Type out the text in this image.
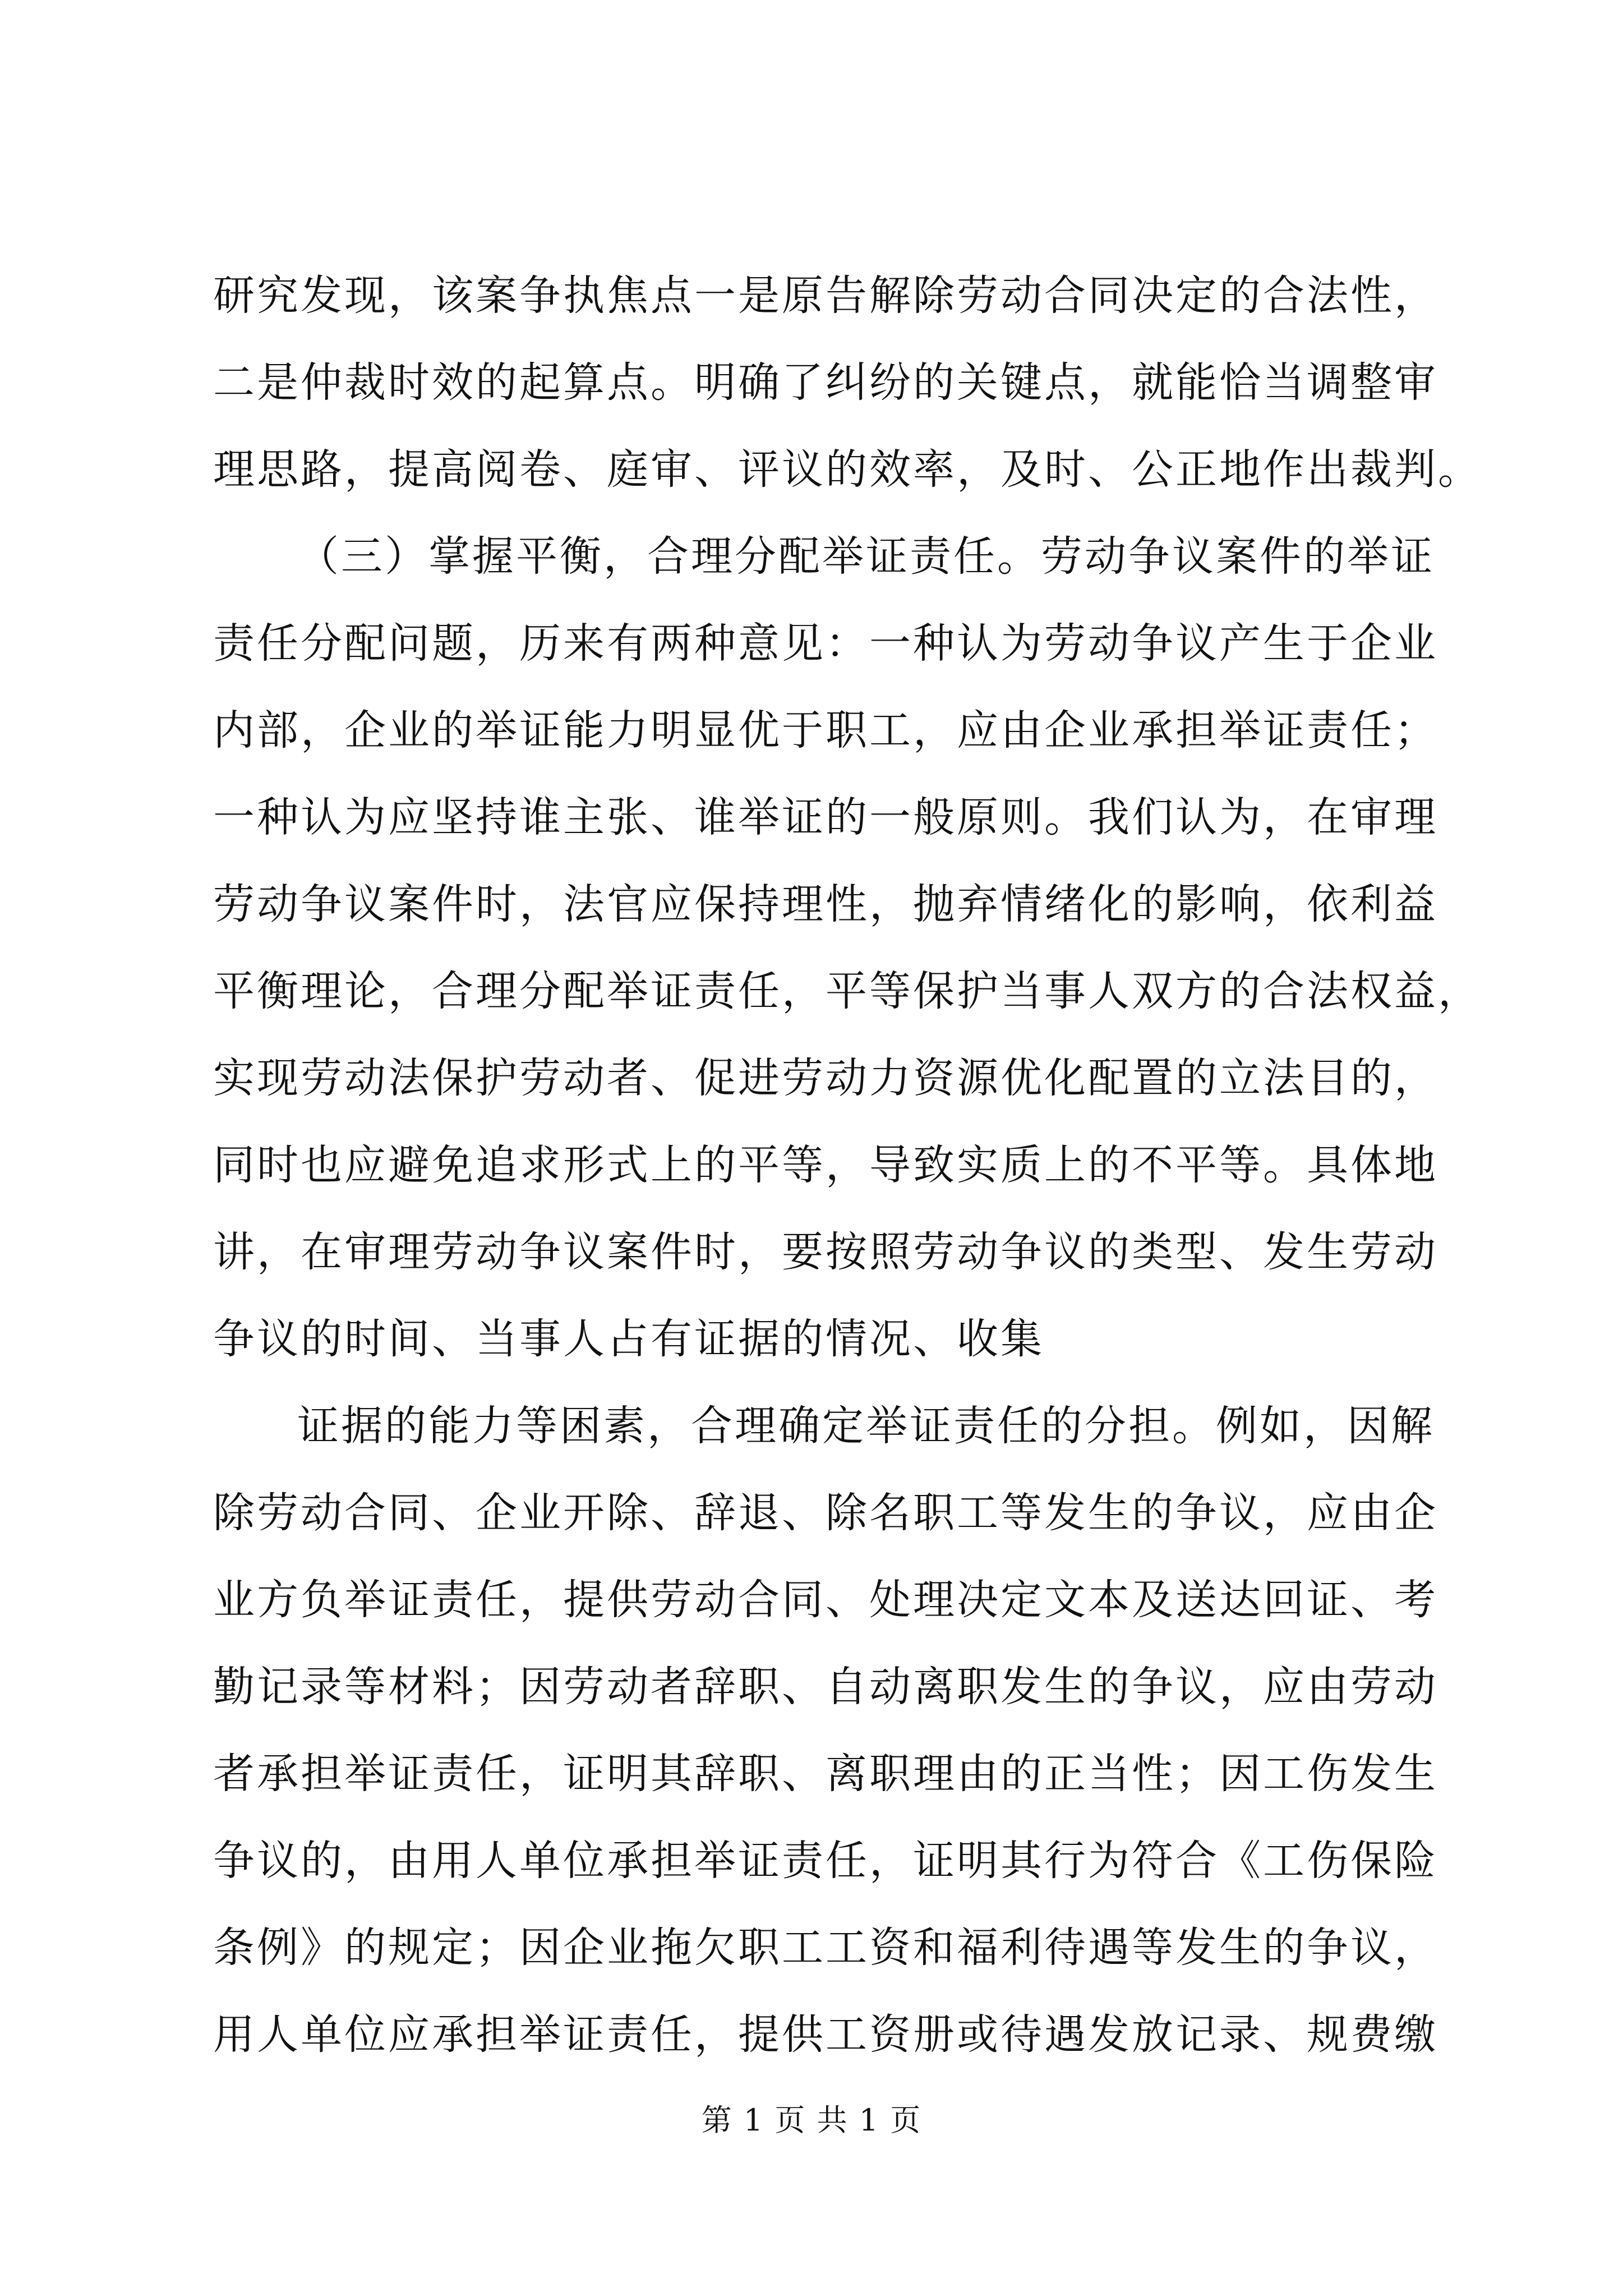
研究发现，该案争执焦点一是原告解除劳动合同决定的合法性，
二是仲裁时效的起算点。明确了纠纷的关键点，就能恰当调整审
理思路，提高阅卷、庭审、评议的效率，及时、公正地作出裁判。
（三）掌握平衡，合理分配举证责任。劳动争议案件的举证
责任分配问题，历来有两种意见：一种认为劳动争议产生于企业
内部，企业的举证能力明显优于职工，应由企业承担举证责任；
一种认为应坚持谁主张、谁举证的一般原则。我们认为，在审理
劳动争议案件时，法官应保持理性，抛弃情绪化的影响，依利益
平衡理论，合理分配举证责任，平等保护当事人双方的合法权益，
实现劳动法保护劳动者、促进劳动力资源优化配置的立法目的，
同时也应避免追求形式上的平等，导致实质上的不平等。具体地
讲，在审理劳动争议案件时，要按照劳动争议的类型、发生劳动
争议的时间、当事人占有证据的情况、收集
证据的能力等困素，合理确定举证责任的分担。例如，因解
除劳动合同、企业开除、辞退、除名职工等发生的争议，应由企
业方负举证责任，提供劳动合同、处理决定文本及送达回证、考
勤记录等材料；因劳动者辞职、自动离职发生的争议，应由劳动
者承担举证责任，证明其辞职、离职理由的正当性；因工伤发生
争议的，由用人单位承担举证责任，证明其行为符合《工伤保险
条例》的规定；因企业拖欠职工工资和福利待遇等发生的争议，
用人单位应承担举证责任，提供工资册或待遇发放记录、规费缴
第 1 页 共 1 页
